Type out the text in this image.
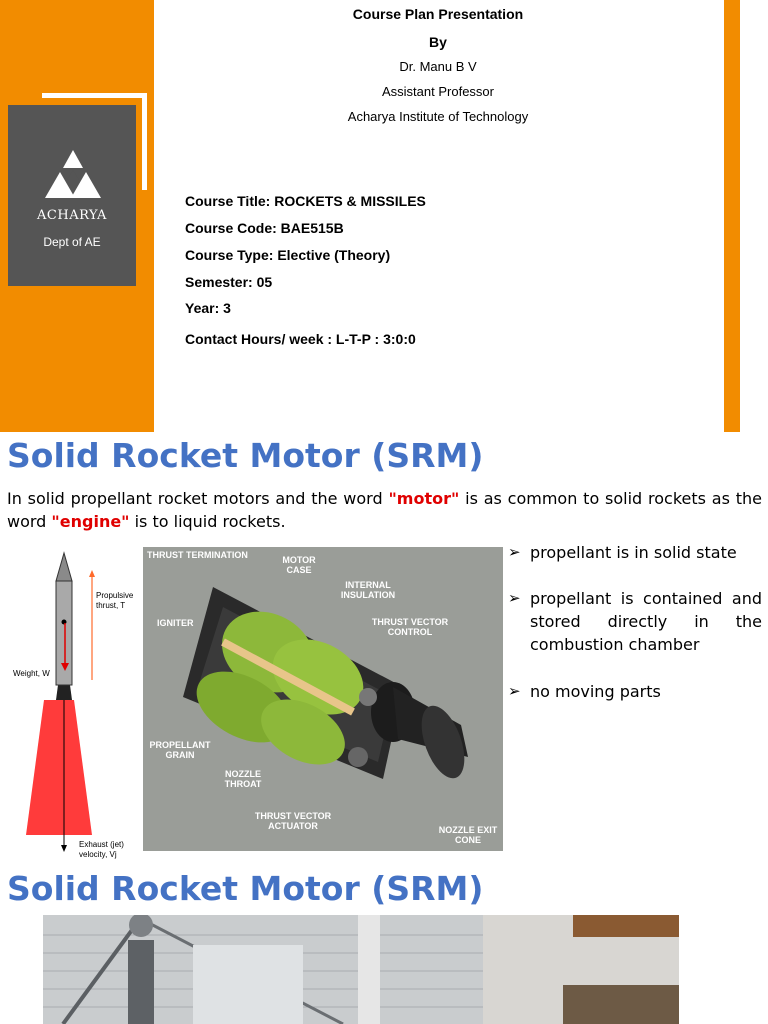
ACHARYA
Dept of AE
Course Plan Presentation
By
Dr. Manu B V
Assistant Professor
Acharya Institute of Technology
Course Title: ROCKETS & MISSILES
Course Code: BAE515B
Course Type: Elective (Theory)
Semester: 05
Year: 3
Contact Hours/ week : L-T-P : 3:0:0
Solid Rocket Motor (SRM)
In solid propellant rocket motors and the word "motor" is as common to solid rockets as the word "engine" is to liquid rockets.
Propulsive
thrust, T
Weight, W
Exhaust (jet)
velocity, Vj
THRUST TERMINATION	MOTOR CASE
INTERNAL INSULATION
IGNITER	THRUST VECTOR CONTROL
PROPELLANT GRAIN
NOZZLE THROAT
THRUST VECTOR ACTUATOR	NOZZLE EXIT CONE
➢ propellant is in solid state
➢ propellant is contained and stored directly in the combustion chamber
➢ no moving parts
Solid Rocket Motor (SRM)
